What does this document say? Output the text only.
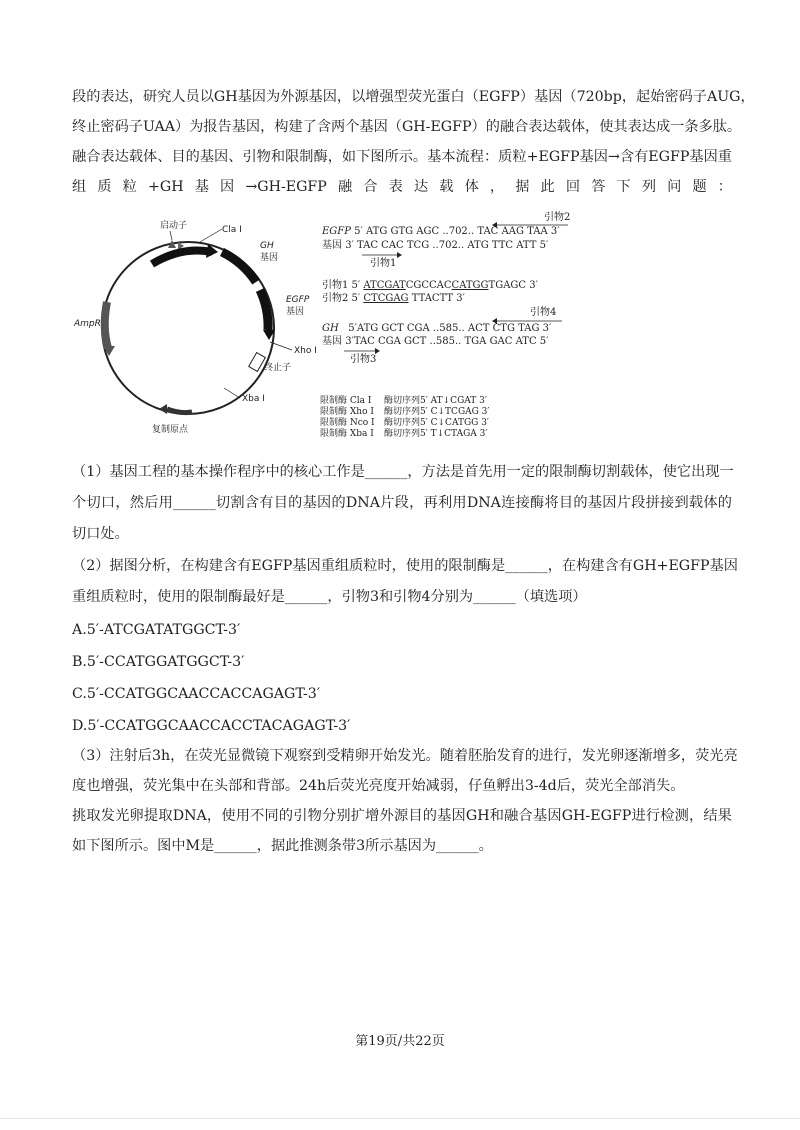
段的表达，研究人员以GH基因为外源基因，以增强型荧光蛋白（EGFP）基因（720bp，起始密码子AUG，
终止密码子UAA）为报告基因，构建了含两个基因（GH-EGFP）的融合表达载体，使其表达成一条多肽。
融合表达载体、目的基因、引物和限制酶，如下图所示。基本流程：质粒+EGFP基因→含有EGFP基因重
组质粒+GH基因→GH-EGFP融合表达载体，据此回答下列问题：
启动子	Cla I
GH
基因
EGFP
基因
Xho I
终止子
Xba I
复制原点
AmpR
EGFP 5′ ATG GTG AGC ..702.. TAC AAG TAA 3′
基因 3′ TAC CAC TCG ..702.. ATG TTC ATT 5′
引物2
引物1
引物1 5′ ATCGATCGCCACCATGGTGAGC 3′
引物2 5′ CTCGAG TTACTT 3′
引物4
GH 5′ATG GCT CGA ..585.. ACT CTG TAG 3′
基因 3′TAC CGA GCT ..585.. TGA GAC ATC 5′
引物3
限制酶 Cla I 酶切序列5′ AT↓CGAT 3′
限制酶 Xho I 酶切序列5′ C↓TCGAG 3′
限制酶 Nco I 酶切序列5′ C↓CATGG 3′
限制酶 Xba I 酶切序列5′ T↓CTAGA 3′
（1）基因工程的基本操作程序中的核心工作是______，方法是首先用一定的限制酶切割载体，使它出现一
个切口，然后用______切割含有目的基因的DNA片段，再利用DNA连接酶将目的基因片段拼接到载体的
切口处。
（2）据图分析，在构建含有EGFP基因重组质粒时，使用的限制酶是______，在构建含有GH+EGFP基因
重组质粒时，使用的限制酶最好是______，引物3和引物4分别为______（填选项）
A.5′-ATCGATATGGCT-3′
B.5′-CCATGGATGGCT-3′
C.5′-CCATGGCAACCACCAGAGT-3′
D.5′-CCATGGCAACCACCTACAGAGT-3′
（3）注射后3h，在荧光显微镜下观察到受精卵开始发光。随着胚胎发育的进行，发光卵逐渐增多，荧光亮
度也增强，荧光集中在头部和背部。24h后荧光亮度开始减弱，仔鱼孵出3-4d后，荧光全部消失。
挑取发光卵提取DNA，使用不同的引物分别扩增外源目的基因GH和融合基因GH-EGFP进行检测，结果
如下图所示。图中M是______，据此推测条带3所示基因为______。
第19页/共22页
